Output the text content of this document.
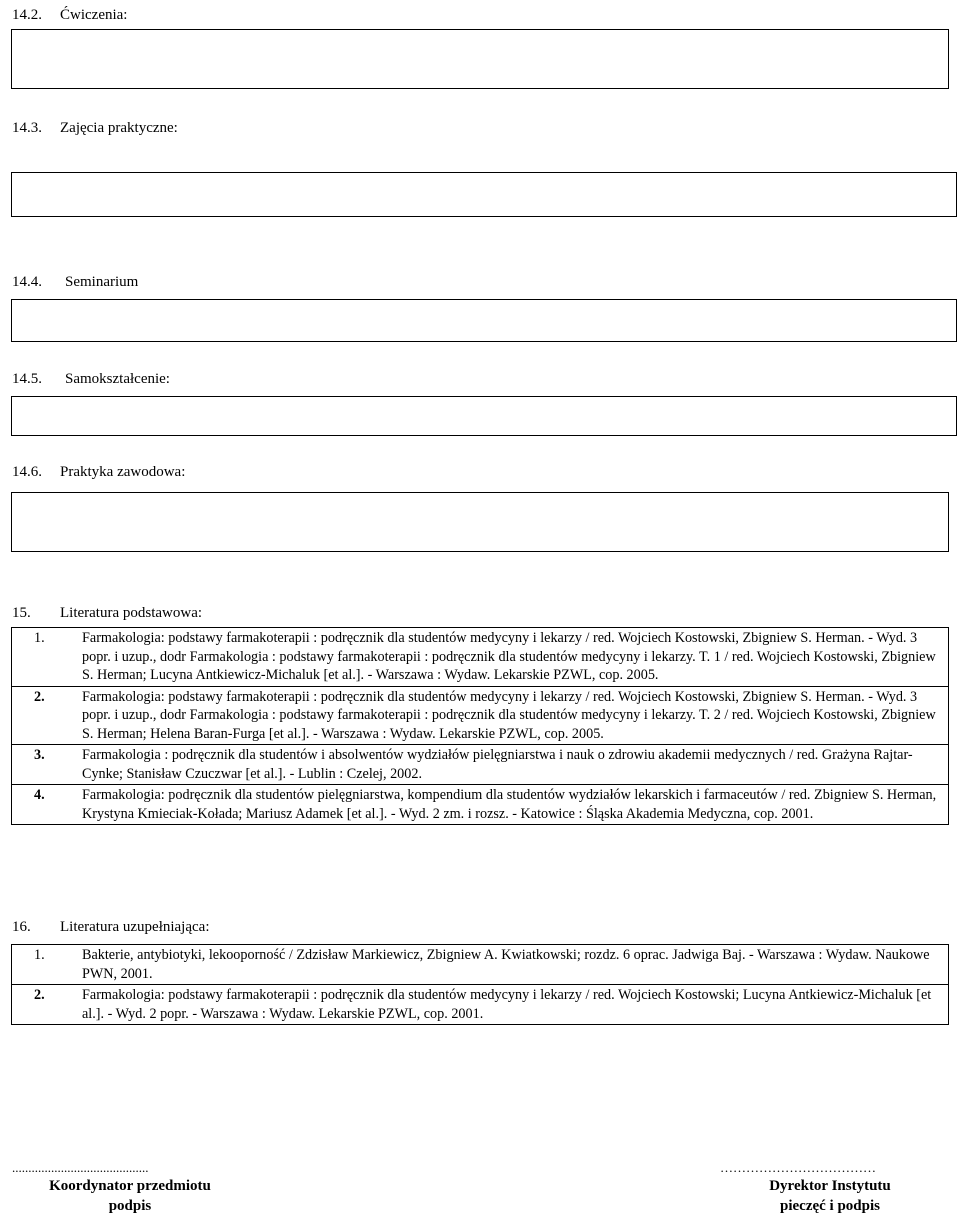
14.2. Ćwiczenia:
14.3. Zajęcia praktyczne:
14.4. Seminarium
14.5. Samokształcenie:
14.6. Praktyka zawodowa:
15. Literatura podstawowa:
1.	Farmakologia: podstawy farmakoterapii : podręcznik dla studentów medycyny i lekarzy / red. Wojciech Kostowski, Zbigniew S. Herman. - Wyd. 3 popr. i uzup., dodr Farmakologia : podstawy farmakoterapii : podręcznik dla studentów medycyny i lekarzy. T. 1 / red. Wojciech Kostowski, Zbigniew S. Herman; Lucyna Antkiewicz-Michaluk [et al.]. - Warszawa : Wydaw. Lekarskie PZWL, cop. 2005.
2.	Farmakologia: podstawy farmakoterapii : podręcznik dla studentów medycyny i lekarzy / red. Wojciech Kostowski, Zbigniew S. Herman. - Wyd. 3 popr. i uzup., dodr Farmakologia : podstawy farmakoterapii : podręcznik dla studentów medycyny i lekarzy. T. 2 / red. Wojciech Kostowski, Zbigniew S. Herman; Helena Baran-Furga [et al.]. - Warszawa : Wydaw. Lekarskie PZWL, cop. 2005.
3.	Farmakologia : podręcznik dla studentów i absolwentów wydziałów pielęgniarstwa i nauk o zdrowiu akademii medycznych / red. Grażyna Rajtar-Cynke; Stanisław Czuczwar [et al.]. - Lublin : Czelej, 2002.
4.	Farmakologia: podręcznik dla studentów pielęgniarstwa, kompendium dla studentów wydziałów lekarskich i farmaceutów / red. Zbigniew S. Herman, Krystyna Kmieciak-Kołada; Mariusz Adamek [et al.]. - Wyd. 2 zm. i rozsz. - Katowice : Śląska Akademia Medyczna, cop. 2001.
16. Literatura uzupełniająca:
1.	Bakterie, antybiotyki, lekooporność / Zdzisław Markiewicz, Zbigniew A. Kwiatkowski; rozdz. 6 oprac. Jadwiga Baj. - Warszawa : Wydaw. Naukowe PWN, 2001.
2.	Farmakologia: podstawy farmakoterapii : podręcznik dla studentów medycyny i lekarzy / red. Wojciech Kostowski; Lucyna Antkiewicz-Michaluk [et al.]. - Wyd. 2 popr. - Warszawa : Wydaw. Lekarskie PZWL, cop. 2001.
..........................................
Koordynator przedmiotu
podpis
………………………………
Dyrektor Instytutu
pieczęć i podpis
